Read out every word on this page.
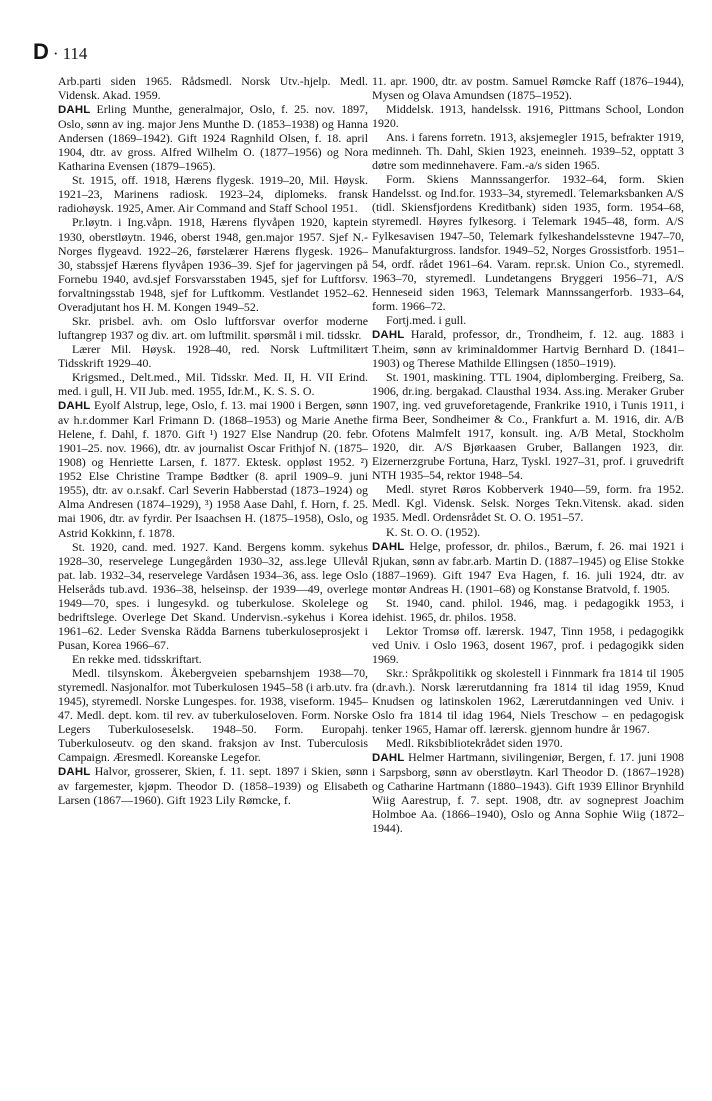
D · 114

Arb.parti siden 1965. Rådsmedl. Norsk Utv.-hjelp. Medl. Vidensk. Akad. 1959.

DAHL Erling Munthe, generalmajor, Oslo, f. 25. nov. 1897, Oslo, sønn av ing. major Jens Munthe D. (1853–1938) og Hanna Andersen (1869–1942). Gift 1924 Ragnhild Olsen, f. 18. april 1904, dtr. av gross. Alfred Wilhelm O. (1877–1956) og Nora Katharina Evensen (1879–1965).

St. 1915, off. 1918, Hærens flygesk. 1919–20, Mil. Høysk. 1921–23, Marinens radiosk. 1923–24, diplomeks. fransk radiohøysk. 1925, Amer. Air Command and Staff School 1951.

Pr.løytn. i Ing.våpn. 1918, Hærens flyvåpen 1920, kaptein 1930, oberstløytn. 1946, oberst 1948, gen.major 1957. Sjef N.-Norges flygeavd. 1922–26, førstelærer Hærens flygesk. 1926–30, stabssjef Hærens flyvåpen 1936–39. Sjef for jagervingen på Fornebu 1940, avd.sjef Forsvarsstaben 1945, sjef for Luftforsv. forvaltningsstab 1948, sjef for Luftkomm. Vestlandet 1952–62. Overadjutant hos H. M. Kongen 1949–52.

Skr. prisbel. avh. om Oslo luftforsvar overfor moderne luftangrep 1937 og div. art. om luftmilit. spørsmål i mil. tidsskr.

Lærer Mil. Høysk. 1928–40, red. Norsk Luftmilitært Tidsskrift 1929–40.

Krigsmed., Delt.med., Mil. Tidsskr. Med. II, H. VII Erind. med. i gull, H. VII Jub. med. 1955, Idr.M., K. S. S. O.

DAHL Eyolf Alstrup, lege, Oslo, f. 13. mai 1900 i Bergen, sønn av h.r.dommer Karl Frimann D. (1868–1953) og Marie Anethe Helene, f. Dahl, f. 1870. Gift ¹) 1927 Else Nandrup (20. febr. 1901–25. nov. 1966), dtr. av journalist Oscar Frithjof N. (1875–1908) og Henriette Larsen, f. 1877. Ektesk. oppløst 1952. ²) 1952 Else Christine Trampe Bødtker (8. april 1909–9. juni 1955), dtr. av o.r.sakf. Carl Severin Habberstad (1873–1924) og Alma Andresen (1874–1929), ³) 1958 Aase Dahl, f. Horn, f. 25. mai 1906, dtr. av fyrdir. Per Isaachsen H. (1875–1958), Oslo, og Astrid Kokkinn, f. 1878.

St. 1920, cand. med. 1927. Kand. Bergens komm. sykehus 1928–30, reservelege Lungegården 1930–32, ass.lege Ullevål pat. lab. 1932–34, reservelege Vardåsen 1934–36, ass. lege Oslo Helseråds tub.avd. 1936–38, helseinsp. der 1939—49, overlege 1949—70, spes. i lungesykd. og tuberkulose. Skolelege og bedriftslege. Overlege Det Skand. Undervisn.-sykehus i Korea 1961–62. Leder Svenska Rädda Barnens tuberkuloseprosjekt i Pusan, Korea 1966–67.

En rekke med. tidsskriftart.

Medl. tilsynskom. Åkebergveien spebarnshjem 1938—70, styremedl. Nasjonalfor. mot Tuberkulosen 1945–58 (i arb.utv. fra 1945), styremedl. Norske Lungespes. for. 1938, viseform. 1945–47. Medl. dept. kom. til rev. av tuberkuloseloven. Form. Norske Legers Tuberkuloseselsk. 1948–50. Form. Europahj. Tuberkuloseutv. og den skand. fraksjon av Inst. Tuberculosis Campaign. Æresmedl. Koreanske Legefor.

DAHL Halvor, grosserer, Skien, f. 11. sept. 1897 i Skien, sønn av fargemester, kjøpm. Theodor D. (1858–1939) og Elisabeth Larsen (1867—1960). Gift 1923 Lily Rømcke, f.

11. apr. 1900, dtr. av postm. Samuel Rømcke Raff (1876–1944), Mysen og Olava Amundsen (1875–1952).

Middelsk. 1913, handelssk. 1916, Pittmans School, London 1920.

Ans. i farens forretn. 1913, aksjemegler 1915, befrakter 1919, medinneh. Th. Dahl, Skien 1923, eneinneh. 1939–52, opptatt 3 døtre som medinnehavere. Fam.-a/s siden 1965.

Form. Skiens Mannssangerfor. 1932–64, form. Skien Handelsst. og Ind.for. 1933–34, styremedl. Telemarksbanken A/S (tidl. Skiensfjordens Kreditbank) siden 1935, form. 1954–68, styremedl. Høyres fylkesorg. i Telemark 1945–48, form. A/S Fylkesavisen 1947–50, Telemark fylkeshandelsstevne 1947–70, Manufakturgross. landsfor. 1949–52, Norges Grossistforb. 1951–54, ordf. rådet 1961–64. Varam. repr.sk. Union Co., styremedl. 1963–70, styremedl. Lundetangens Bryggeri 1956–71, A/S Henneseid siden 1963, Telemark Mannssangerforb. 1933–64, form. 1966–72.

Fortj.med. i gull.

DAHL Harald, professor, dr., Trondheim, f. 12. aug. 1883 i T.heim, sønn av kriminaldommer Hartvig Bernhard D. (1841–1903) og Therese Mathilde Ellingsen (1850–1919).

St. 1901, maskining. TTL 1904, diplomberging. Freiberg, Sa. 1906, dr.ing. bergakad. Clausthal 1934. Ass.ing. Meraker Gruber 1907, ing. ved gruveforetagende, Frankrike 1910, i Tunis 1911, i firma Beer, Sondheimer & Co., Frankfurt a. M. 1916, dir. A/B Ofotens Malmfelt 1917, konsult. ing. A/B Metal, Stockholm 1920, dir. A/S Bjørkaasen Gruber, Ballangen 1923, dir. Eizernerzgrube Fortuna, Harz, Tyskl. 1927–31, prof. i gruvedrift NTH 1935–54, rektor 1948–54.

Medl. styret Røros Kobberverk 1940—59, form. fra 1952. Medl. Kgl. Vidensk. Selsk. Norges Tekn.Vitensk. akad. siden 1935. Medl. Ordensrådet St. O. O. 1951–57.

K. St. O. O. (1952).

DAHL Helge, professor, dr. philos., Bærum, f. 26. mai 1921 i Rjukan, sønn av fabr.arb. Martin D. (1887–1945) og Elise Stokke (1887–1969). Gift 1947 Eva Hagen, f. 16. juli 1924, dtr. av montør Andreas H. (1901–68) og Konstanse Bratvold, f. 1905.

St. 1940, cand. philol. 1946, mag. i pedagogikk 1953, i idehist. 1965, dr. philos. 1958.

Lektor Tromsø off. lærersk. 1947, Tinn 1958, i pedagogikk ved Univ. i Oslo 1963, dosent 1967, prof. i pedagogikk siden 1969.

Skr.: Språkpolitikk og skolestell i Finnmark fra 1814 til 1905 (dr.avh.). Norsk lærerutdanning fra 1814 til idag 1959, Knud Knudsen og latinskolen 1962, Lærerutdanningen ved Univ. i Oslo fra 1814 til idag 1964, Niels Treschow – en pedagogisk tenker 1965, Hamar off. lærersk. gjennom hundre år 1967.

Medl. Riksbibliotekrådet siden 1970.

DAHL Helmer Hartmann, sivilingeniør, Bergen, f. 17. juni 1908 i Sarpsborg, sønn av oberstløytn. Karl Theodor D. (1867–1928) og Catharine Hartmann (1880–1943). Gift 1939 Ellinor Brynhild Wiig Aarestrup, f. 7. sept. 1908, dtr. av sogneprest Joachim Holmboe Aa. (1866–1940), Oslo og Anna Sophie Wiig (1872–1944).
